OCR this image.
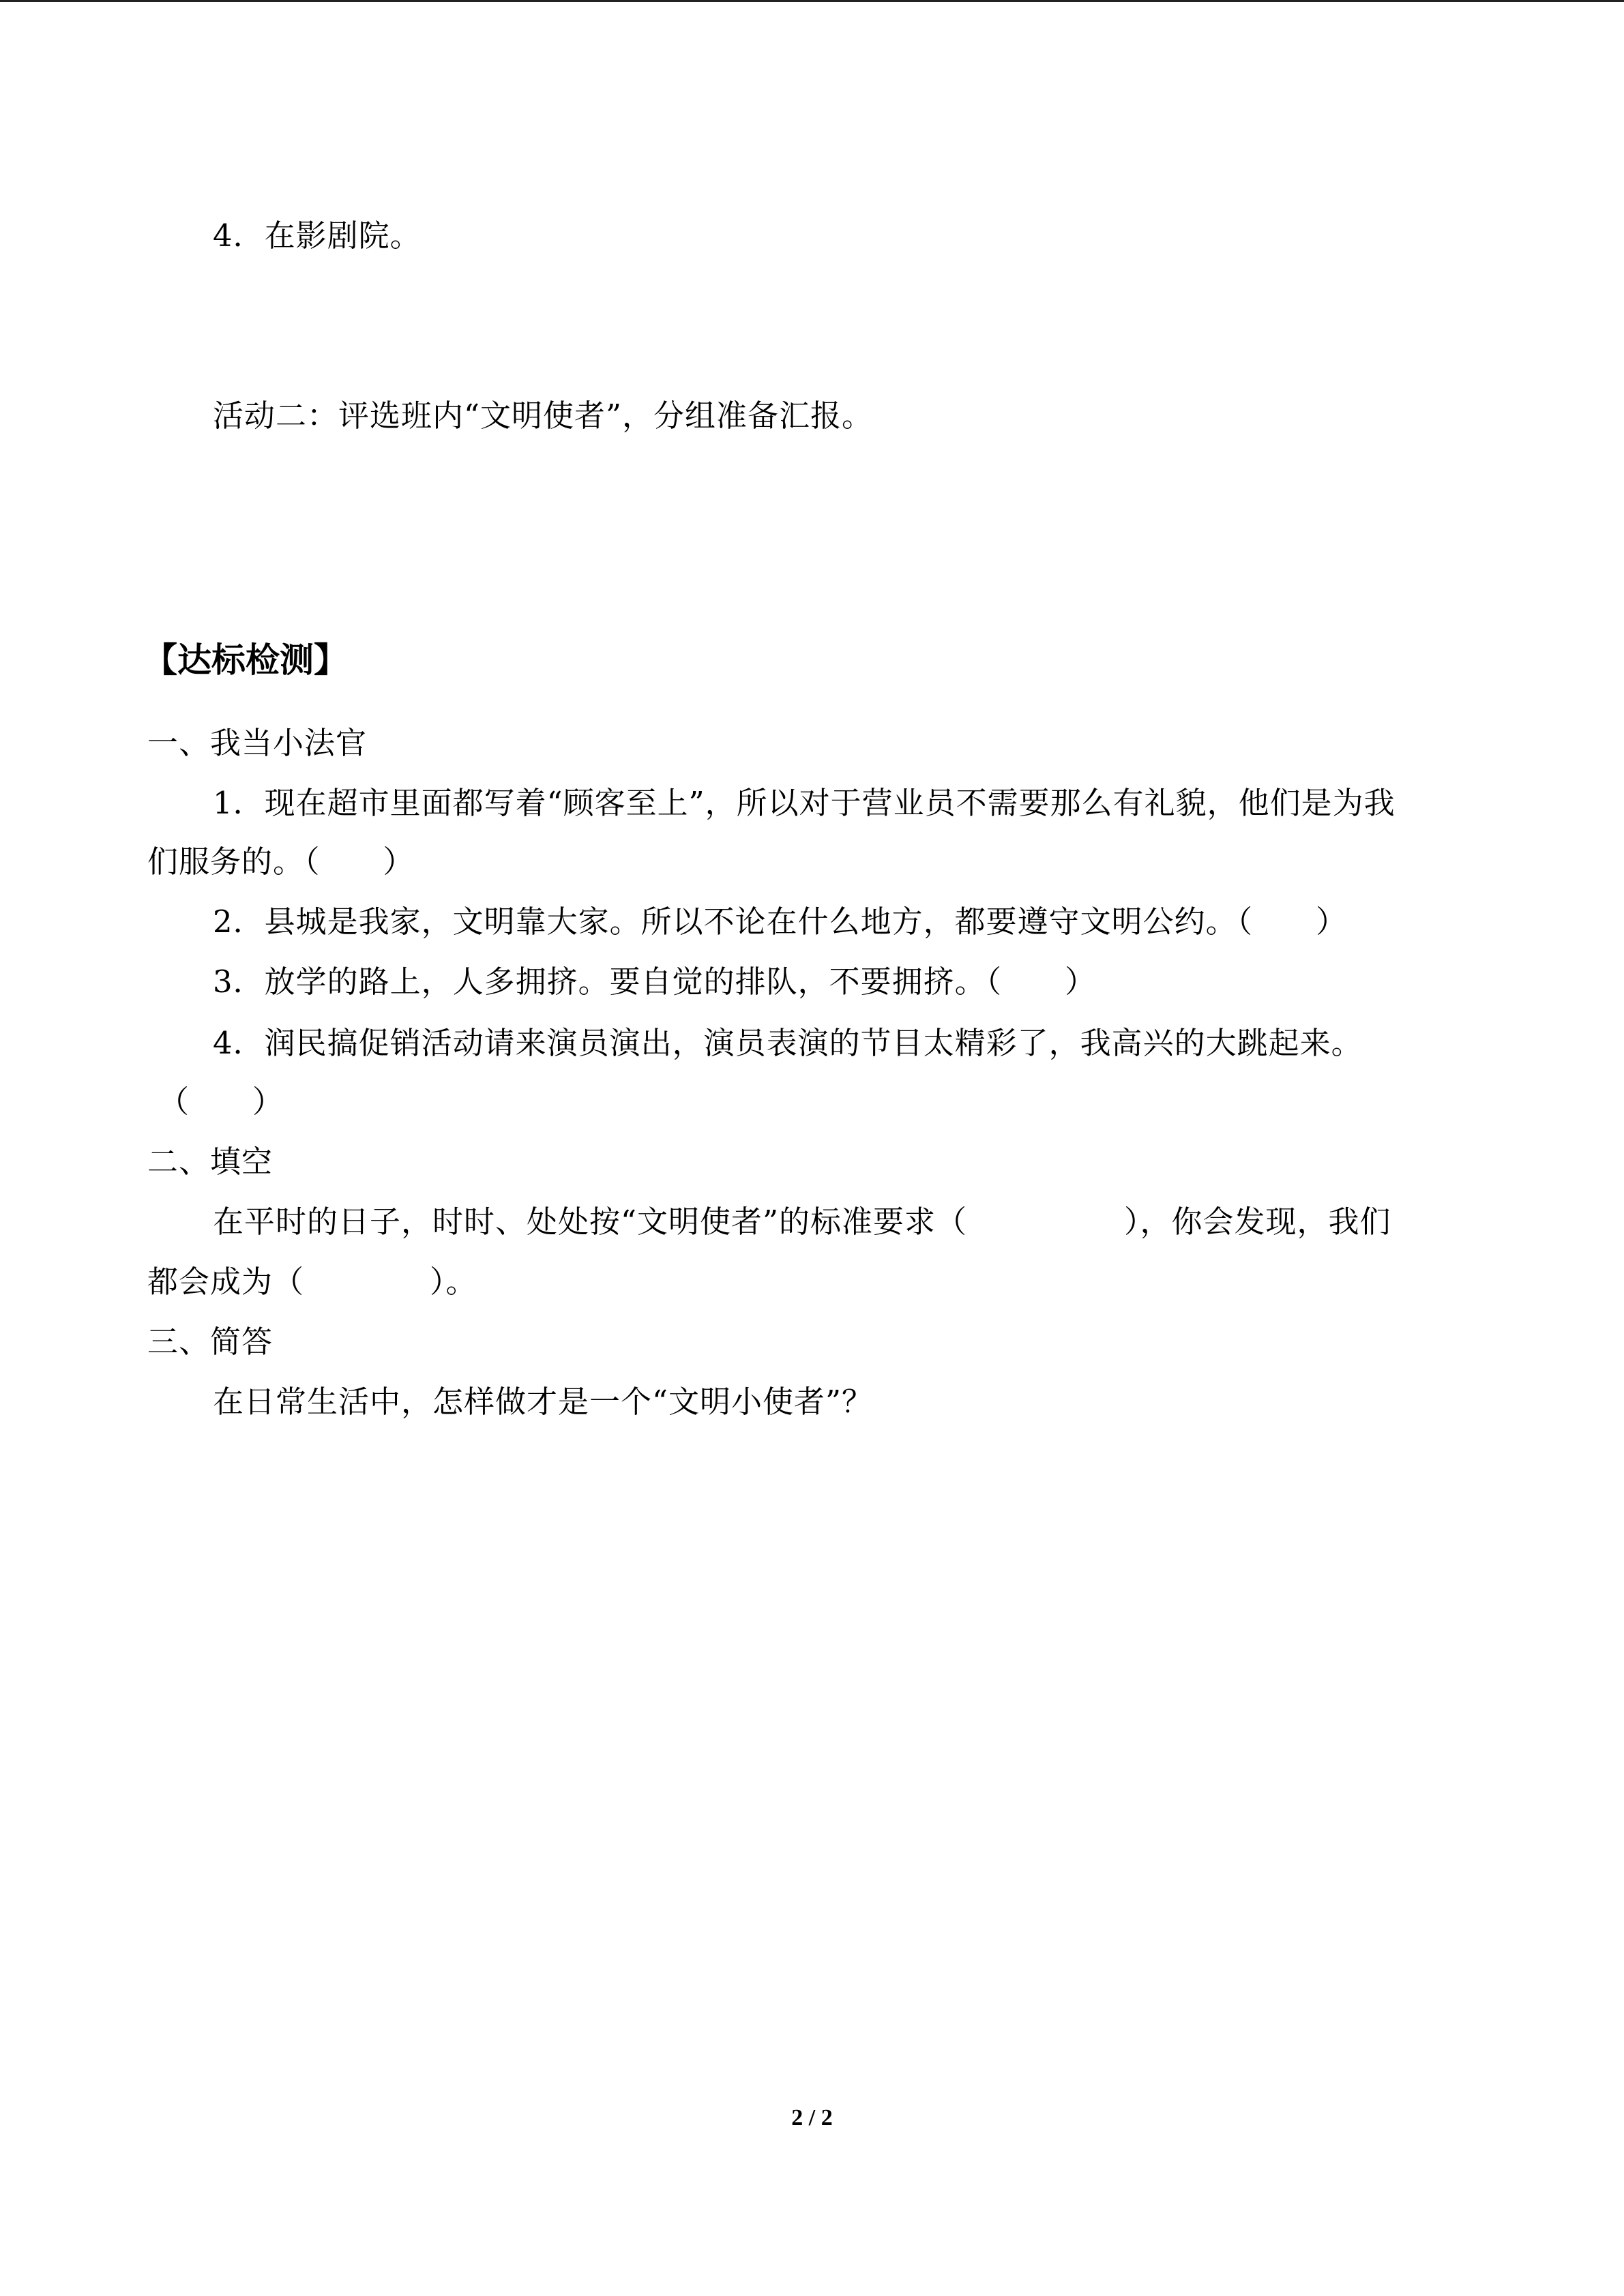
4．在影剧院。
活动二：评选班内“文明使者”，分组准备汇报。
【达标检测】
一、我当小法官
1．现在超市里面都写着“顾客至上”，所以对于营业员不需要那么有礼貌，他们是为我
们服务的。（　　）
2．县城是我家，文明靠大家。所以不论在什么地方，都要遵守文明公约。（　　）
3．放学的路上，人多拥挤。要自觉的排队，不要拥挤。（　　）
4．润民搞促销活动请来演员演出，演员表演的节目太精彩了，我高兴的大跳起来。
（　　）
二、填空
在平时的日子，时时、处处按“文明使者”的标准要求（　　　　　），你会发现，我们
都会成为（　　　　）。
三、简答
在日常生活中，怎样做才是一个“文明小使者”？
2 / 2
